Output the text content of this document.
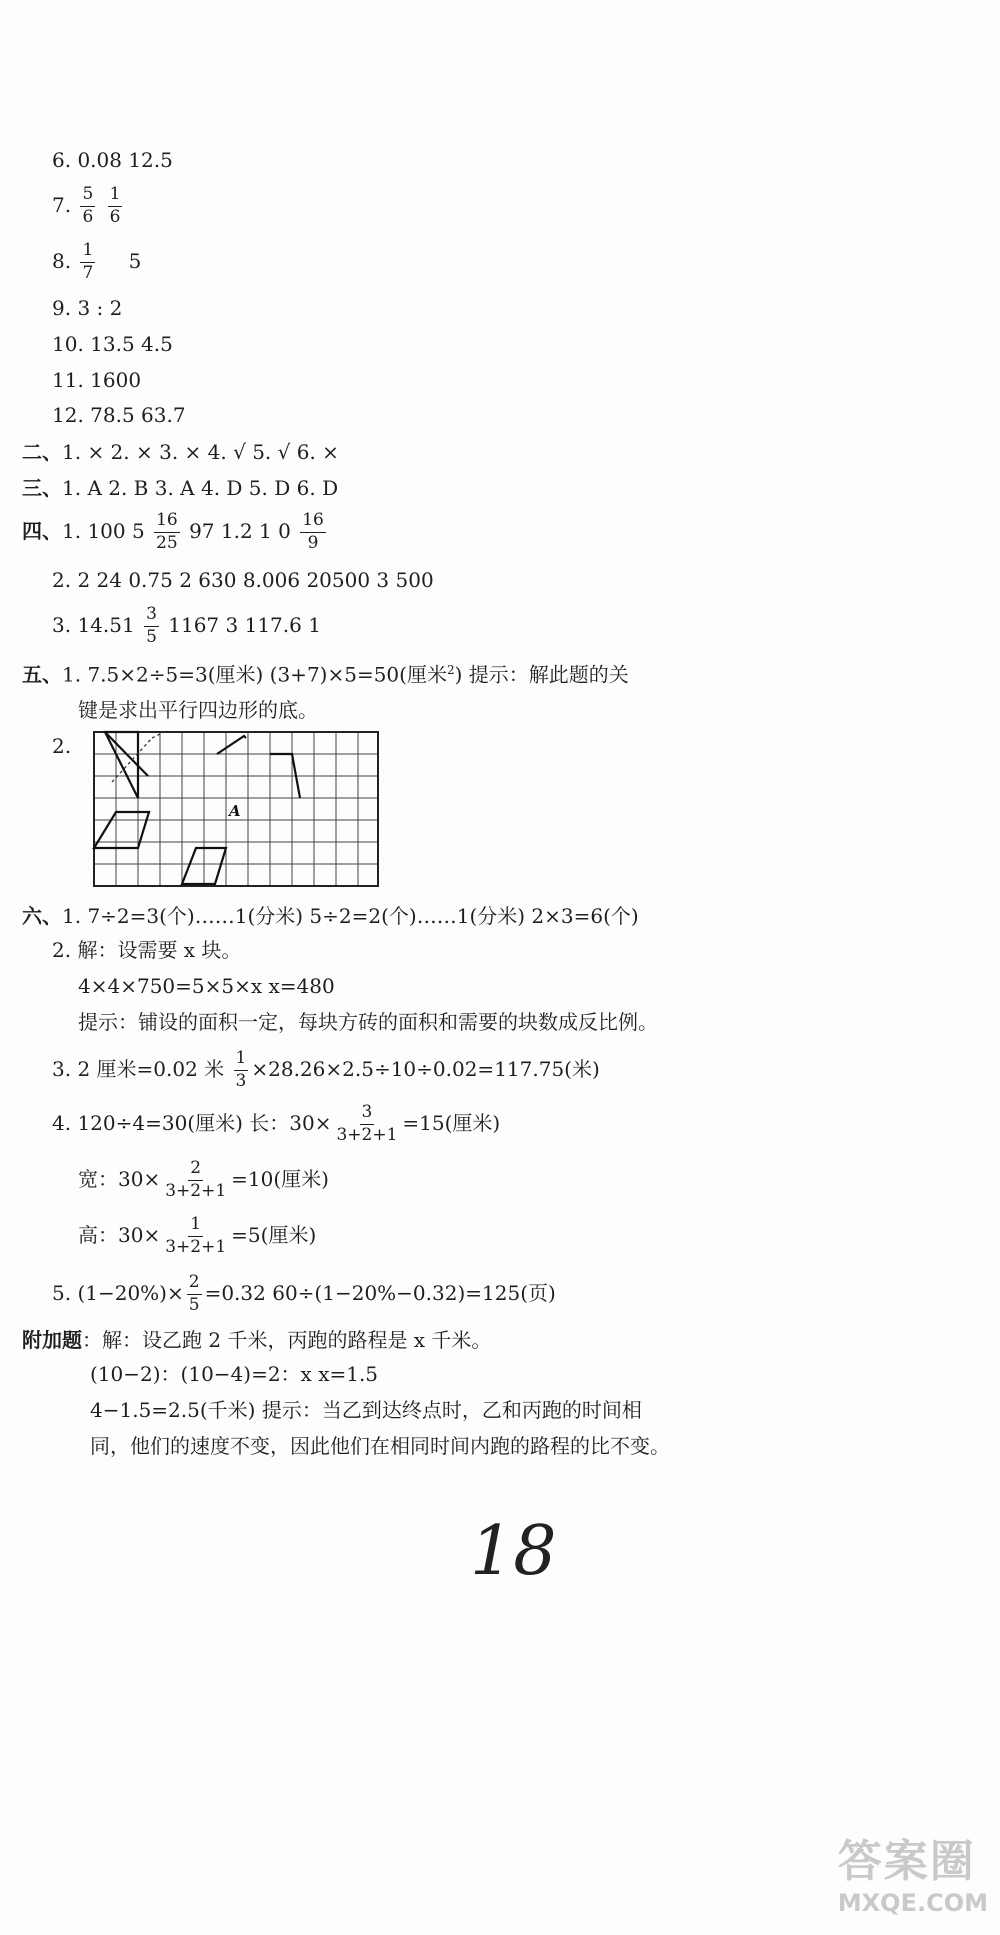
6. 0.08 12.5
7. $\frac{5}{6}$
$\frac{1}{6}$
8. $\frac{1}{7} 5$
9. 3 : 2
10. 13.5 4.5
11. 1600
12. 78.5 63.7
二、1. × 2. × 3. × 4. √ 5. √ 6. ×
三、1. A 2. B 3. A 4. D 5. D 6. D
四、1. 100 $5 \frac{16}{25} 97$ 1.2 1 $0 \frac{16}{9}$
2. 2 24 0.75 2 630 8.006 20500 3 500
3. $14.51 \frac{3}{5} 1167$ 3 117.6 1
五、1. 7.5×2÷5=3(厘米) (3+7)×5=50(厘米$^2$) 提示：解此题的关
键是求出平行四边形的底。
2.
A
六、1. 7÷2=3(个)……1(分米) 5÷2=2(个)……1(分米) 2×3=6(个)
2. 解：设需要 x 块。
4×4×750=5×5×x x=480
提示：铺设的面积一定，每块方砖的面积和需要的块数成反比例。
3. 2 厘米=0.02 米 $\frac{1}{3} \times 28.26\times 2.5\div 10\div 0.02=117.75$(米)
4. 120÷4=30(厘米) 长：$30\times \frac{3}{3+2+1} =15$(厘米)
宽：$30\times \frac{2}{3+2+1} =10$(厘米)
高：$30\times \frac{1}{3+2+1} =5$(厘米)
5. $(1-20\%)\times \frac{2}{5} =0.32$ 60÷(1−20%−0.32)=125(页)
附加题：解：设乙跑 2 千米，丙跑的路程是 x 千米。
(10−2)：(10−4)=2：x x=1.5
4−1.5=2.5(千米) 提示：当乙到达终点时，乙和丙跑的时间相
同，他们的速度不变，因此他们在相同时间内跑的路程的比不变。
18
答案圈
MXQE.COM
